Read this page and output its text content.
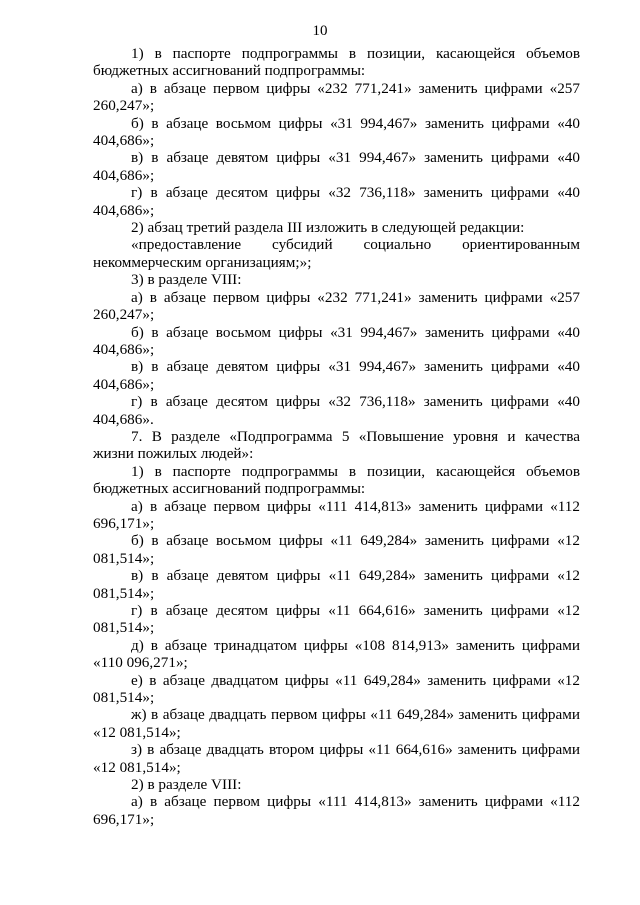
10

1) в паспорте подпрограммы в позиции, касающейся объемов бюджетных ассигнований подпрограммы:

а) в абзаце первом цифры «232 771,241» заменить цифрами «257 260,247»;

б) в абзаце восьмом цифры «31 994,467» заменить цифрами «40 404,686»;

в) в абзаце девятом цифры «31 994,467» заменить цифрами «40 404,686»;

г) в абзаце десятом цифры «32 736,118» заменить цифрами «40 404,686»;

2) абзац третий раздела III изложить в следующей редакции:

«предоставление субсидий социально ориентированным некоммерческим организациям;»;

3) в разделе VIII:

а) в абзаце первом цифры «232 771,241» заменить цифрами «257 260,247»;

б) в абзаце восьмом цифры «31 994,467» заменить цифрами «40 404,686»;

в) в абзаце девятом цифры «31 994,467» заменить цифрами «40 404,686»;

г) в абзаце десятом цифры «32 736,118» заменить цифрами «40 404,686».

7. В разделе «Подпрограмма 5 «Повышение уровня и качества жизни пожилых людей»:

1) в паспорте подпрограммы в позиции, касающейся объемов бюджетных ассигнований подпрограммы:

а) в абзаце первом цифры «111 414,813» заменить цифрами «112 696,171»;

б) в абзаце восьмом цифры «11 649,284» заменить цифрами «12 081,514»;

в) в абзаце девятом цифры «11 649,284» заменить цифрами «12 081,514»;

г) в абзаце десятом цифры «11 664,616» заменить цифрами «12 081,514»;

д) в абзаце тринадцатом цифры «108 814,913» заменить цифрами «110 096,271»;

е) в абзаце двадцатом цифры «11 649,284» заменить цифрами «12 081,514»;

ж) в абзаце двадцать первом цифры «11 649,284» заменить цифрами «12 081,514»;

з) в абзаце двадцать втором цифры «11 664,616» заменить цифрами «12 081,514»;

2) в разделе VIII:

а) в абзаце первом цифры «111 414,813» заменить цифрами «112 696,171»;
